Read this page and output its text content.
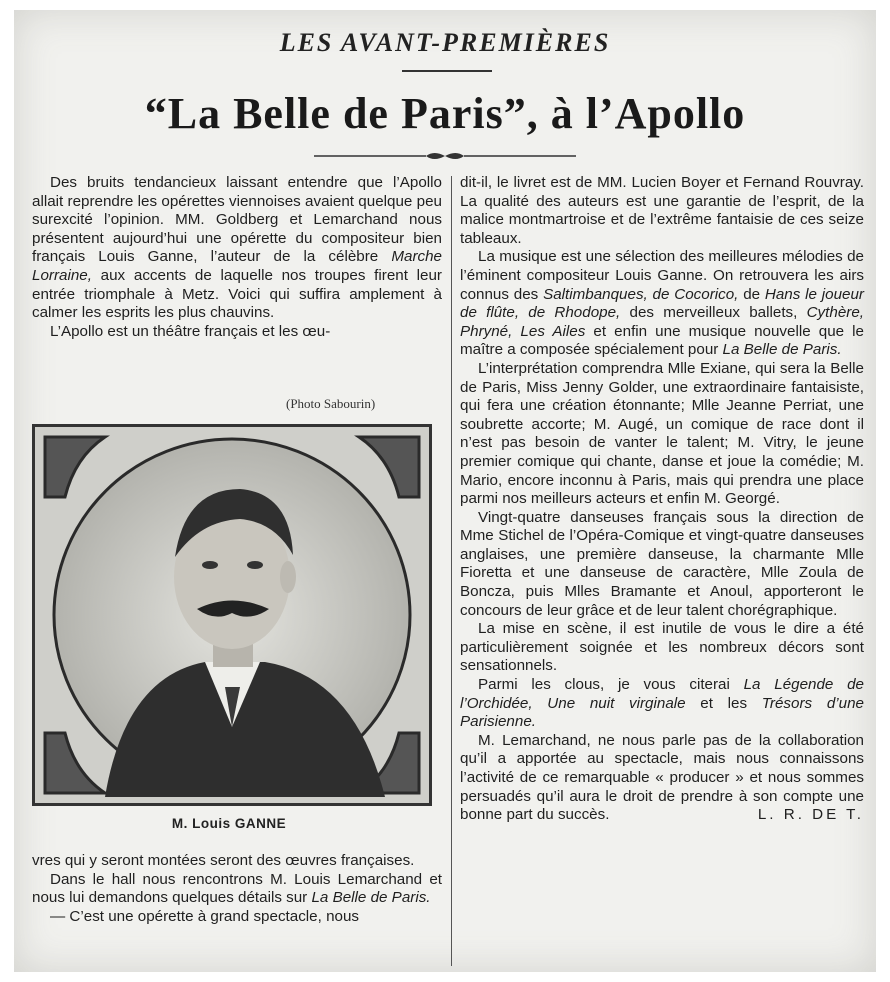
LES AVANT-PREMIÈRES
“La Belle de Paris”, à l’Apollo

Des bruits tendancieux laissant entendre que l’Apollo allait reprendre les opérettes viennoises avaient quelque peu surexcité l’opinion. MM. Goldberg et Lemarchand nous présentent aujourd’hui une opérette du compositeur bien français Louis Ganne, l’auteur de la célèbre Marche Lorraine, aux accents de laquelle nos troupes firent leur entrée triomphale à Metz. Voici qui suffira amplement à calmer les esprits les plus chauvins.

L’Apollo est un théâtre français et les œu-

(Photo Sabourin)
M. Louis GANNE

vres qui y seront montées seront des œuvres françaises.

Dans le hall nous rencontrons M. Louis Lemarchand et nous lui demandons quelques détails sur La Belle de Paris.

— C’est une opérette à grand spectacle, nous

dit-il, le livret est de MM. Lucien Boyer et Fernand Rouvray. La qualité des auteurs est une garantie de l’esprit, de la malice montmartroise et de l’extrême fantaisie de ces seize tableaux.

La musique est une sélection des meilleures mélodies de l’éminent compositeur Louis Ganne. On retrouvera les airs connus des Saltimbanques, de Cocorico, de Hans le joueur de flûte, de Rhodope, des merveilleux ballets, Cythère, Phryné, Les Ailes et enfin une musique nouvelle que le maître a composée spécialement pour La Belle de Paris.

L’interprétation comprendra Mlle Exiane, qui sera la Belle de Paris, Miss Jenny Golder, une extraordinaire fantaisiste, qui fera une création étonnante; Mlle Jeanne Perriat, une soubrette accorte; M. Augé, un comique de race dont il n’est pas besoin de vanter le talent; M. Vitry, le jeune premier comique qui chante, danse et joue la comédie; M. Mario, encore inconnu à Paris, mais qui prendra une place parmi nos meilleurs acteurs et enfin M. Georgé.

Vingt-quatre danseuses français sous la direction de Mme Stichel de l’Opéra-Comique et vingt-quatre danseuses anglaises, une première danseuse, la charmante Mlle Fioretta et une danseuse de caractère, Mlle Zoula de Boncza, puis Mlles Bramante et Anoul, apporteront le concours de leur grâce et de leur talent chorégraphique.

La mise en scène, il est inutile de vous le dire a été particulièrement soignée et les nombreux décors sont sensationnels.

Parmi les clous, je vous citerai La Légende de l’Orchidée, Une nuit virginale et les Trésors d’une Parisienne.

M. Lemarchand, ne nous parle pas de la collaboration qu’il a apportée au spectacle, mais nous connaissons l’activité de ce remarquable « producer » et nous sommes persuadés qu’il aura le droit de prendre à son compte une bonne part du succès.	L. R. DE T.
